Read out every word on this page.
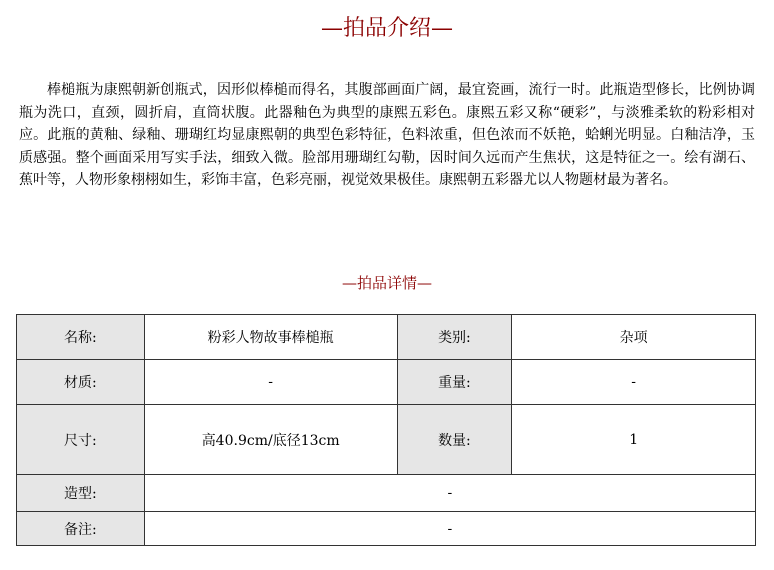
—拍品介绍—

棒槌瓶为康熙朝新创瓶式，因形似棒槌而得名，其腹部画面广阔，最宜瓷画，流行一时。此瓶造型修长，比例协调瓶为洗口，直颈，圆折肩，直筒状腹。此器釉色为典型的康熙五彩色。康熙五彩又称“硬彩”，与淡雅柔软的粉彩相对应。此瓶的黄釉、绿釉、珊瑚红均显康熙朝的典型色彩特征，色料浓重，但色浓而不妖艳，蛤蜊光明显。白釉洁净，玉质感强。整个画面采用写实手法，细致入微。脸部用珊瑚红勾勒，因时间久远而产生焦状，这是特征之一。绘有湖石、蕉叶等，人物形象栩栩如生，彩饰丰富，色彩亮丽，视觉效果极佳。康熙朝五彩器尤以人物题材最为著名。

—拍品详情—
名称:	粉彩人物故事棒槌瓶	类别:	杂项
材质:	-	重量:	-
尺寸:	高40.9cm/底径13cm	数量:	1
造型:	-		
备注:	-		
